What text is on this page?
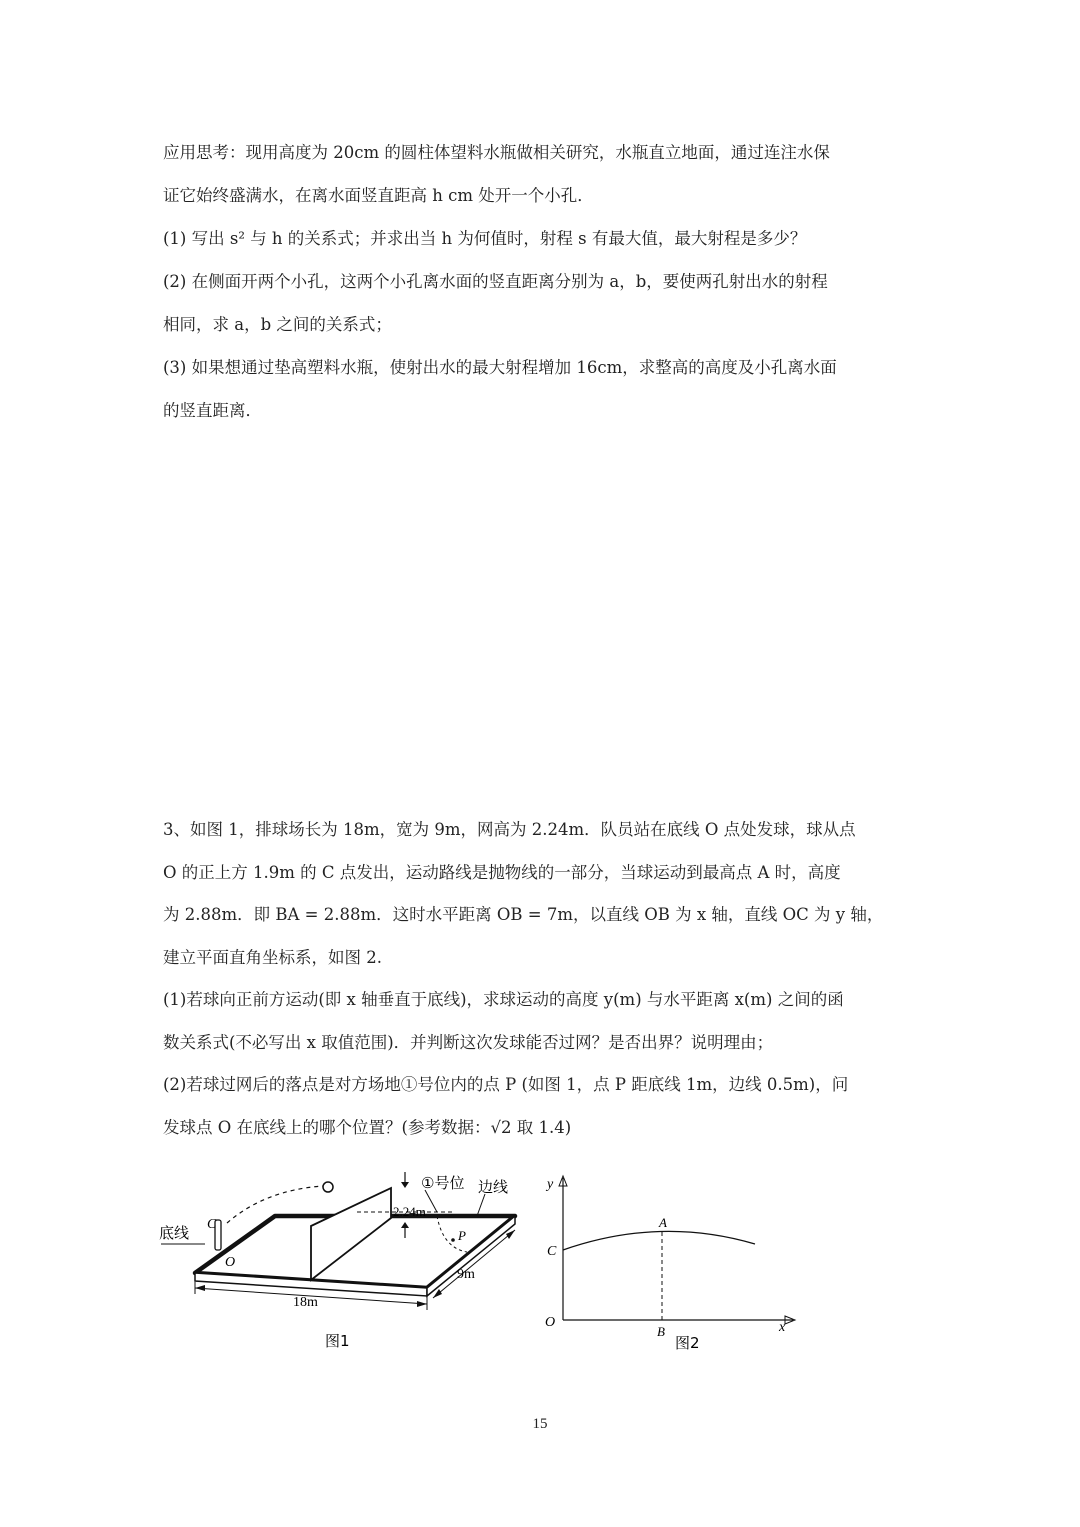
应用思考：现用高度为 20cm 的圆柱体望料水瓶做相关研究，水瓶直立地面，通过连注水保
证它始终盛满水，在离水面竖直距高 h cm 处开一个小孔．
(1) 写出 s² 与 h 的关系式；并求出当 h 为何值时，射程 s 有最大值，最大射程是多少？
(2) 在侧面开两个小孔，这两个小孔离水面的竖直距离分别为 a，b，要使两孔射出水的射程
相同，求 a，b 之间的关系式；
(3) 如果想通过垫高塑料水瓶，使射出水的最大射程增加 16cm，求整高的高度及小孔离水面
的竖直距离．
3、如图 1，排球场长为 18m，宽为 9m，网高为 2.24m．队员站在底线 O 点处发球，球从点
O 的正上方 1.9m 的 C 点发出，运动路线是抛物线的一部分，当球运动到最高点 A 时，高度
为 2.88m．即 BA = 2.88m．这时水平距离 OB = 7m，以直线 OB 为 x 轴，直线 OC 为 y 轴，
建立平面直角坐标系，如图 2.
(1)若球向正前方运动(即 x 轴垂直于底线)，求球运动的高度 y(m) 与水平距离 x(m) 之间的函
数关系式(不必写出 x 取值范围)．并判断这次发球能否过网？是否出界？说明理由；
(2)若球过网后的落点是对方场地①号位内的点 P (如图 1，点 P 距底线 1m，边线 0.5m)，问
发球点 O 在底线上的哪个位置？(参考数据：√2 取 1.4)
底线 C
O
①号位 边线
2.24m
P
9m
18m
图1
y
C
A
O
B	x
图2
15
